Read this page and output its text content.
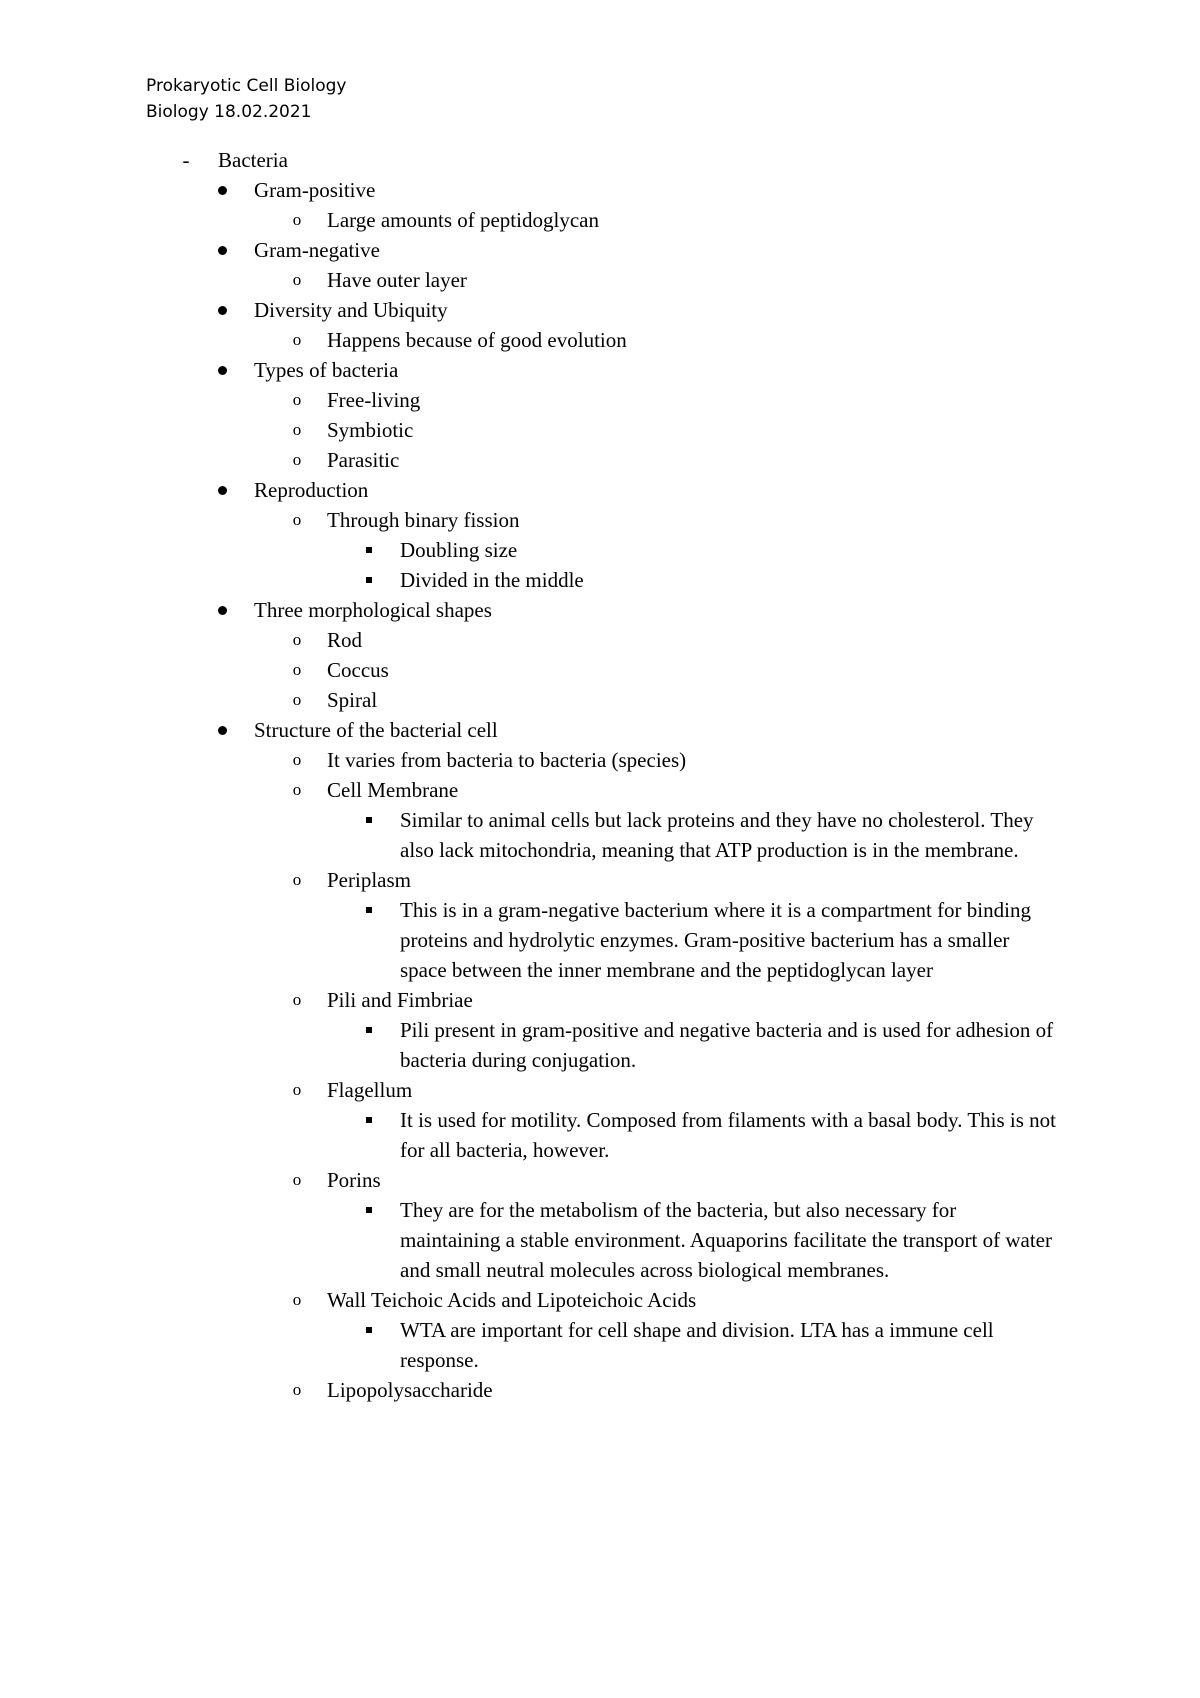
Prokaryotic Cell Biology
Biology 18.02.2021
-	Bacteria
Gram-positive
o Large amounts of peptidoglycan
Gram-negative
o Have outer layer
Diversity and Ubiquity
o Happens because of good evolution
Types of bacteria
o Free-living
o Symbiotic
o Parasitic
Reproduction
o Through binary fission
Doubling size
Divided in the middle
Three morphological shapes
o Rod
o Coccus
o Spiral
Structure of the bacterial cell
o It varies from bacteria to bacteria (species)
o Cell Membrane
Similar to animal cells but lack proteins and they have no cholesterol. They also lack mitochondria, meaning that ATP production is in the membrane.
o Periplasm
This is in a gram-negative bacterium where it is a compartment for binding proteins and hydrolytic enzymes. Gram-positive bacterium has a smaller space between the inner membrane and the peptidoglycan layer
o Pili and Fimbriae
Pili present in gram-positive and negative bacteria and is used for adhesion of bacteria during conjugation.
o Flagellum
It is used for motility. Composed from filaments with a basal body. This is not for all bacteria, however.
o Porins
They are for the metabolism of the bacteria, but also necessary for maintaining a stable environment. Aquaporins facilitate the transport of water and small neutral molecules across biological membranes.
o Wall Teichoic Acids and Lipoteichoic Acids
WTA are important for cell shape and division. LTA has a immune cell response.
o Lipopolysaccharide
